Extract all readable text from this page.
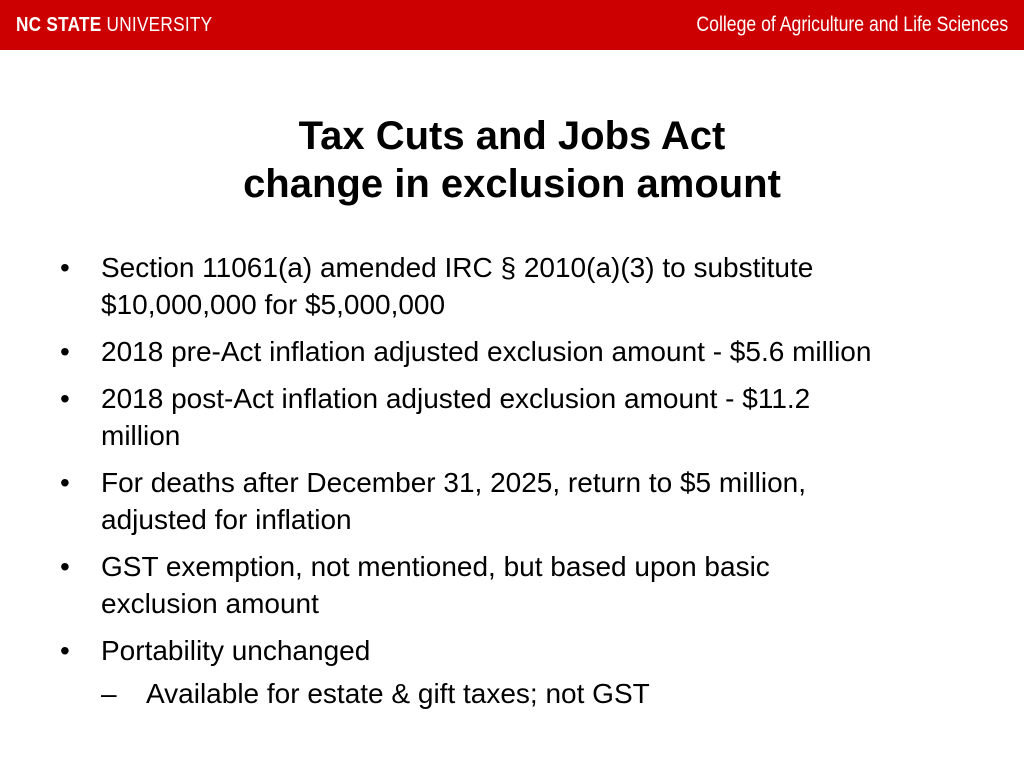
NC STATE UNIVERSITY	College of Agriculture and Life Sciences
Tax Cuts and Jobs Act
change in exclusion amount
•	Section 11061(a) amended IRC § 2010(a)(3) to substitute
$10,000,000 for $5,000,000
•	2018 pre-Act inflation adjusted exclusion amount - $5.6 million
•	2018 post-Act inflation adjusted exclusion amount - $11.2
million
•	For deaths after December 31, 2025, return to $5 million,
adjusted for inflation
•	GST exemption, not mentioned, but based upon basic
exclusion amount
•	Portability unchanged
– Available for estate & gift taxes; not GST
